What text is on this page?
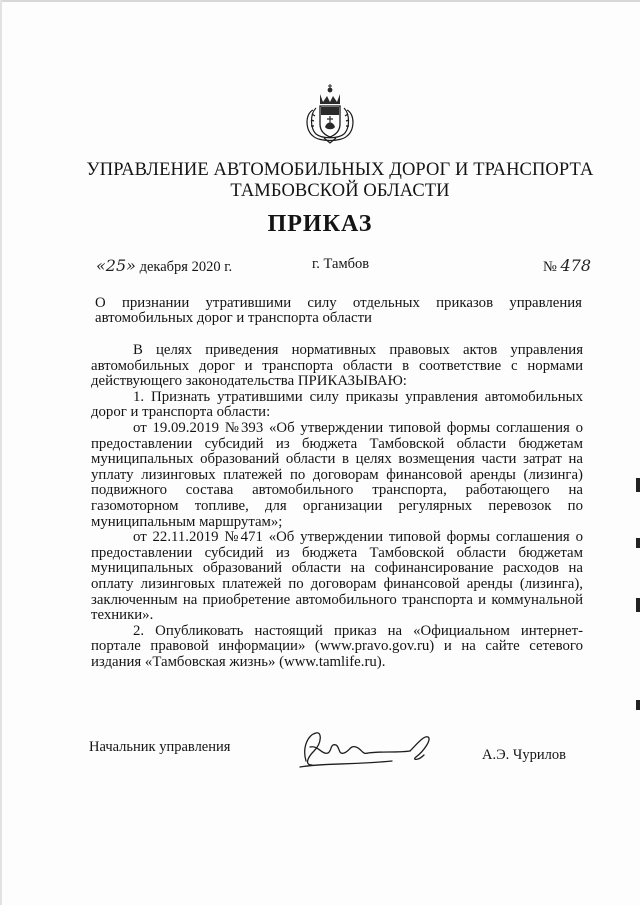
УПРАВЛЕНИЕ АВТОМОБИЛЬНЫХ ДОРОГ И ТРАНСПОРТА
ТАМБОВСКОЙ ОБЛАСТИ
ПРИКАЗ
«25» декабря 2020 г.	г. Тамбов	№ 478
О признании утратившими силу отдельных приказов управления автомобильных дорог и транспорта области

В целях приведения нормативных правовых актов управления автомобильных дорог и транспорта области в соответствие с нормами действующего законодательства ПРИКАЗЫВАЮ:

1. Признать утратившими силу приказы управления автомобильных дорог и транспорта области:

от 19.09.2019 №393 «Об утверждении типовой формы соглашения о предоставлении субсидий из бюджета Тамбовской области бюджетам муниципальных образований области в целях возмещения части затрат на уплату лизинговых платежей по договорам финансовой аренды (лизинга) подвижного состава автомобильного транспорта, работающего на газомоторном топливе, для организации регулярных перевозок по муниципальным маршрутам»;

от 22.11.2019 №471 «Об утверждении типовой формы соглашения о предоставлении субсидий из бюджета Тамбовской области бюджетам муниципальных образований области на софинансирование расходов на оплату лизинговых платежей по договорам финансовой аренды (лизинга), заключенным на приобретение автомобильного транспорта и коммунальной техники».

2. Опубликовать настоящий приказ на «Официальном интернет-портале правовой информации» (www.pravo.gov.ru) и на сайте сетевого издания «Тамбовская жизнь» (www.tamlife.ru).

Начальник управления	А.Э. Чурилов
